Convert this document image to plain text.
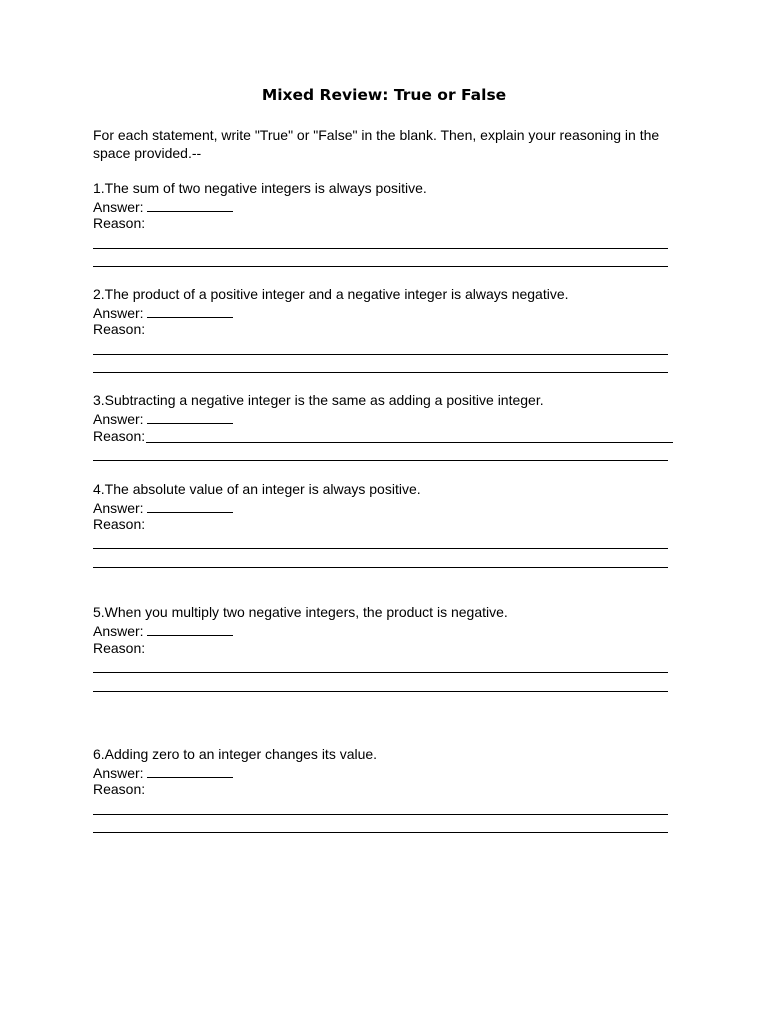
Mixed Review: True or False
For each statement, write "True" or "False" in the blank. Then, explain your reasoning in the space provided.--
1.The sum of two negative integers is always positive.
Answer:
Reason:
2.The product of a positive integer and a negative integer is always negative.
Answer:
Reason:
3.Subtracting a negative integer is the same as adding a positive integer.
Answer:
Reason:
4.The absolute value of an integer is always positive.
Answer:
Reason:
5.When you multiply two negative integers, the product is negative.
Answer:
Reason:
6.Adding zero to an integer changes its value.
Answer:
Reason:
